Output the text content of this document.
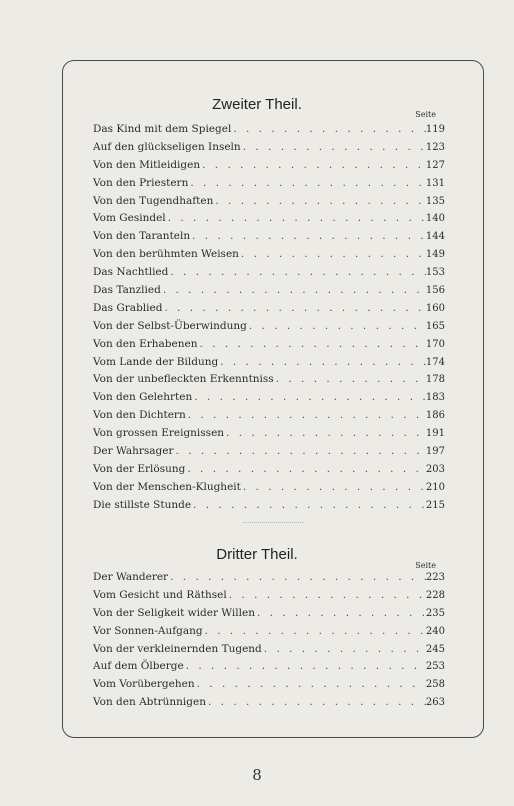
Zweiter Theil.
Seite
Das Kind mit dem Spiegel . . .	119
Auf den glückseligen Inseln . . .	123
Von den Mitleidigen . . .	127
Von den Priestern . . .	131
Von den Tugendhaften . . .	135
Vom Gesindel . . .	140
Von den Taranteln . . .	144
Von den berühmten Weisen . . .	149
Das Nachtlied . . .	153
Das Tanzlied . . .	156
Das Grablied . . .	160
Von der Selbst-Überwindung . . .	165
Von den Erhabenen . . .	170
Vom Lande der Bildung . . .	174
Von der unbefleckten Erkenntniss . . .	178
Von den Gelehrten . . .	183
Von den Dichtern . . .	186
Von grossen Ereignissen . . .	191
Der Wahrsager . . .	197
Von der Erlösung . . .	203
Von der Menschen-Klugheit . . .	210
Die stillste Stunde . . .	215
Dritter Theil.
Seite
Der Wanderer . . .	223
Vom Gesicht und Räthsel . . .	228
Von der Seligkeit wider Willen . . .	235
Vor Sonnen-Aufgang . . .	240
Von der verkleinernden Tugend . . .	245
Auf dem Ölberge . . .	253
Vom Vorübergehen . . .	258
Von den Abtrünnigen . . .	263
8
